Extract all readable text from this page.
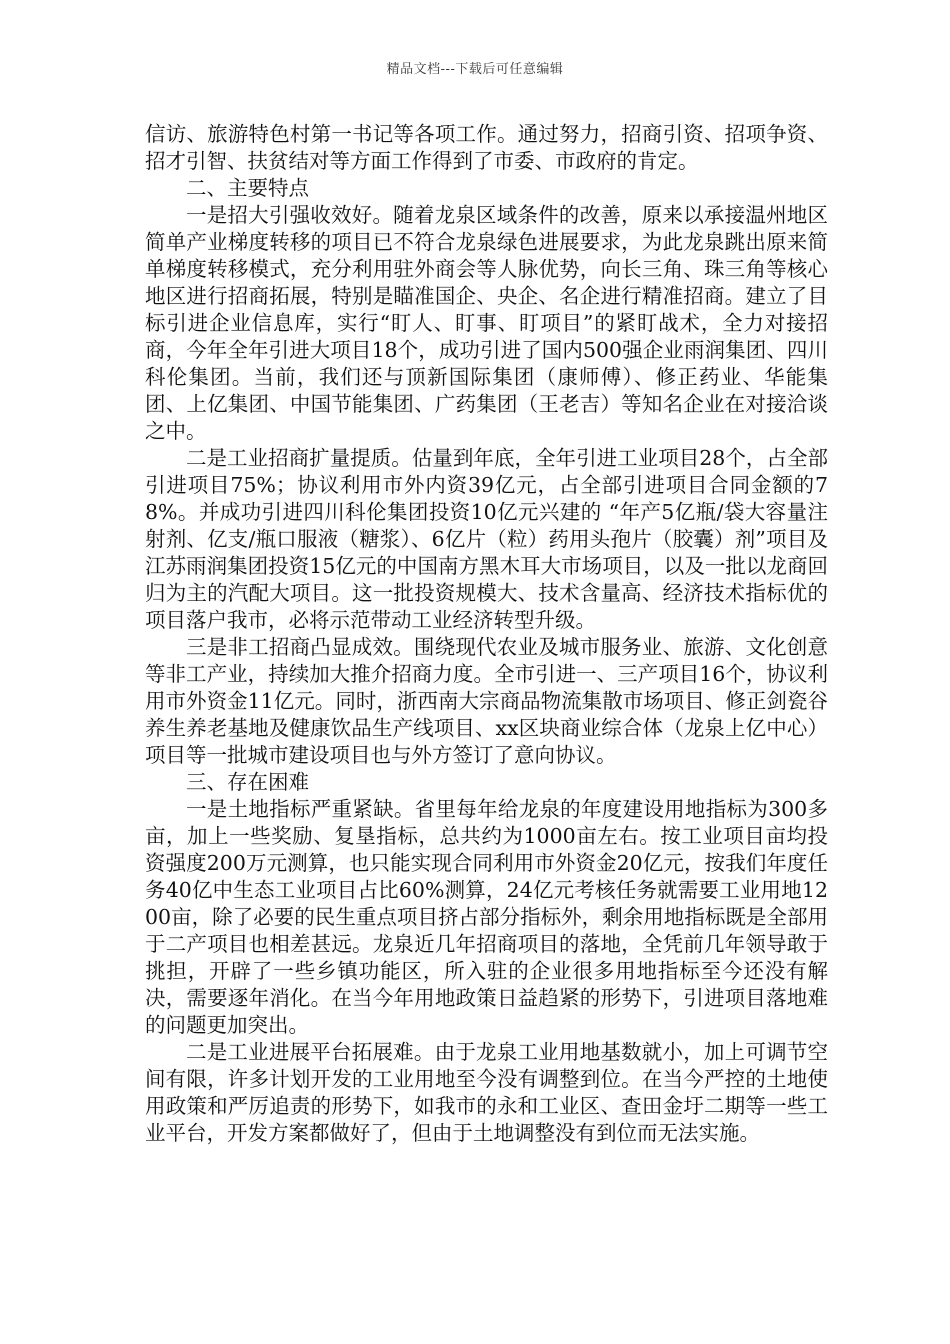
精品文档---下载后可任意编辑

信访、旅游特色村第一书记等各项工作。通过努力，招商引资、招项争资、招才引智、扶贫结对等方面工作得到了市委、市政府的肯定。

二、主要特点

一是招大引强收效好。随着龙泉区域条件的改善，原来以承接温州地区简单产业梯度转移的项目已不符合龙泉绿色进展要求，为此龙泉跳出原来简单梯度转移模式，充分利用驻外商会等人脉优势，向长三角、珠三角等核心地区进行招商拓展，特别是瞄准国企、央企、名企进行精准招商。建立了目标引进企业信息库，实行“盯人、盯事、盯项目”的紧盯战术，全力对接招商，今年全年引进大项目18个，成功引进了国内500强企业雨润集团、四川科伦集团。当前，我们还与顶新国际集团（康师傅）、修正药业、华能集团、上亿集团、中国节能集团、广药集团（王老吉）等知名企业在对接洽谈之中。

二是工业招商扩量提质。估量到年底，全年引进工业项目28个，占全部引进项目75%；协议利用市外内资39亿元，占全部引进项目合同金额的78%。并成功引进四川科伦集团投资10亿元兴建的 “年产5亿瓶/袋大容量注射剂、亿支/瓶口服液（糖浆）、6亿片（粒）药用头孢片（胶囊）剂”项目及江苏雨润集团投资15亿元的中国南方黑木耳大市场项目，以及一批以龙商回归为主的汽配大项目。这一批投资规模大、技术含量高、经济技术指标优的项目落户我市，必将示范带动工业经济转型升级。

三是非工招商凸显成效。围绕现代农业及城市服务业、旅游、文化创意等非工产业，持续加大推介招商力度。全市引进一、三产项目16个，协议利用市外资金11亿元。同时，浙西南大宗商品物流集散市场项目、修正剑瓷谷养生养老基地及健康饮品生产线项目、xx区块商业综合体（龙泉上亿中心）项目等一批城市建设项目也与外方签订了意向协议。

三、存在困难

一是土地指标严重紧缺。省里每年给龙泉的年度建设用地指标为300多亩，加上一些奖励、复垦指标，总共约为1000亩左右。按工业项目亩均投资强度200万元测算，也只能实现合同利用市外资金20亿元，按我们年度任务40亿中生态工业项目占比60%测算，24亿元考核任务就需要工业用地1200亩，除了必要的民生重点项目挤占部分指标外，剩余用地指标既是全部用于二产项目也相差甚远。龙泉近几年招商项目的落地，全凭前几年领导敢于挑担，开辟了一些乡镇功能区，所入驻的企业很多用地指标至今还没有解决，需要逐年消化。在当今年用地政策日益趋紧的形势下，引进项目落地难的问题更加突出。

二是工业进展平台拓展难。由于龙泉工业用地基数就小，加上可调节空间有限，许多计划开发的工业用地至今没有调整到位。在当今严控的土地使用政策和严厉追责的形势下，如我市的永和工业区、查田金圩二期等一些工业平台，开发方案都做好了，但由于土地调整没有到位而无法实施。
